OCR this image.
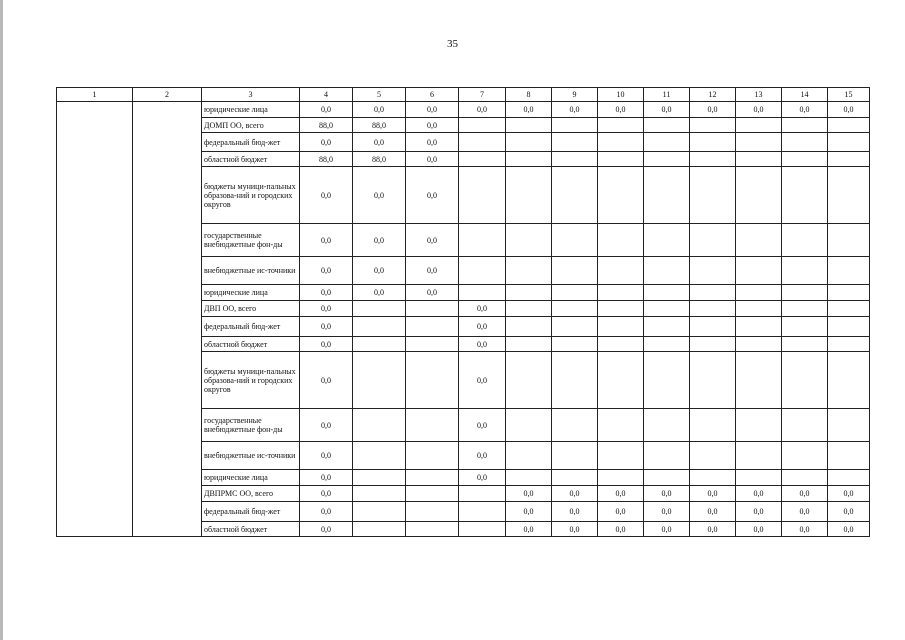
35
1	2	3	4	5	6	7	8	9	10	11	12	13	14	15
		юридические лица	0,0	0,0	0,0	0,0	0,0	0,0	0,0	0,0	0,0	0,0	0,0	0,0
		ДОМП ОО, всего	88,0	88,0	0,0									
		федеральный бюд-жет	0,0	0,0	0,0									
		областной бюджет	88,0	88,0	0,0									
		бюджеты муници-пальных образова-ний и городских округов	0,0	0,0	0,0									
		государственные внебюджетные фон-ды	0,0	0,0	0,0									
		внебюджетные ис-точники	0,0	0,0	0,0									
		юридические лица	0,0	0,0	0,0									
		ДВП ОО, всего	0,0			0,0								
		федеральный бюд-жет	0,0			0,0								
		областной бюджет	0,0			0,0								
		бюджеты муници-пальных образова-ний и городских округов	0,0			0,0								
		государственные внебюджетные фон-ды	0,0			0,0								
		внебюджетные ис-точники	0,0			0,0								
		юридические лица	0,0			0,0								
		ДВПРМС ОО, всего	0,0				0,0	0,0	0,0	0,0	0,0	0,0	0,0	0,0
		федеральный бюд-жет	0,0				0,0	0,0	0,0	0,0	0,0	0,0	0,0	0,0
		областной бюджет	0,0				0,0	0,0	0,0	0,0	0,0	0,0	0,0	0,0
